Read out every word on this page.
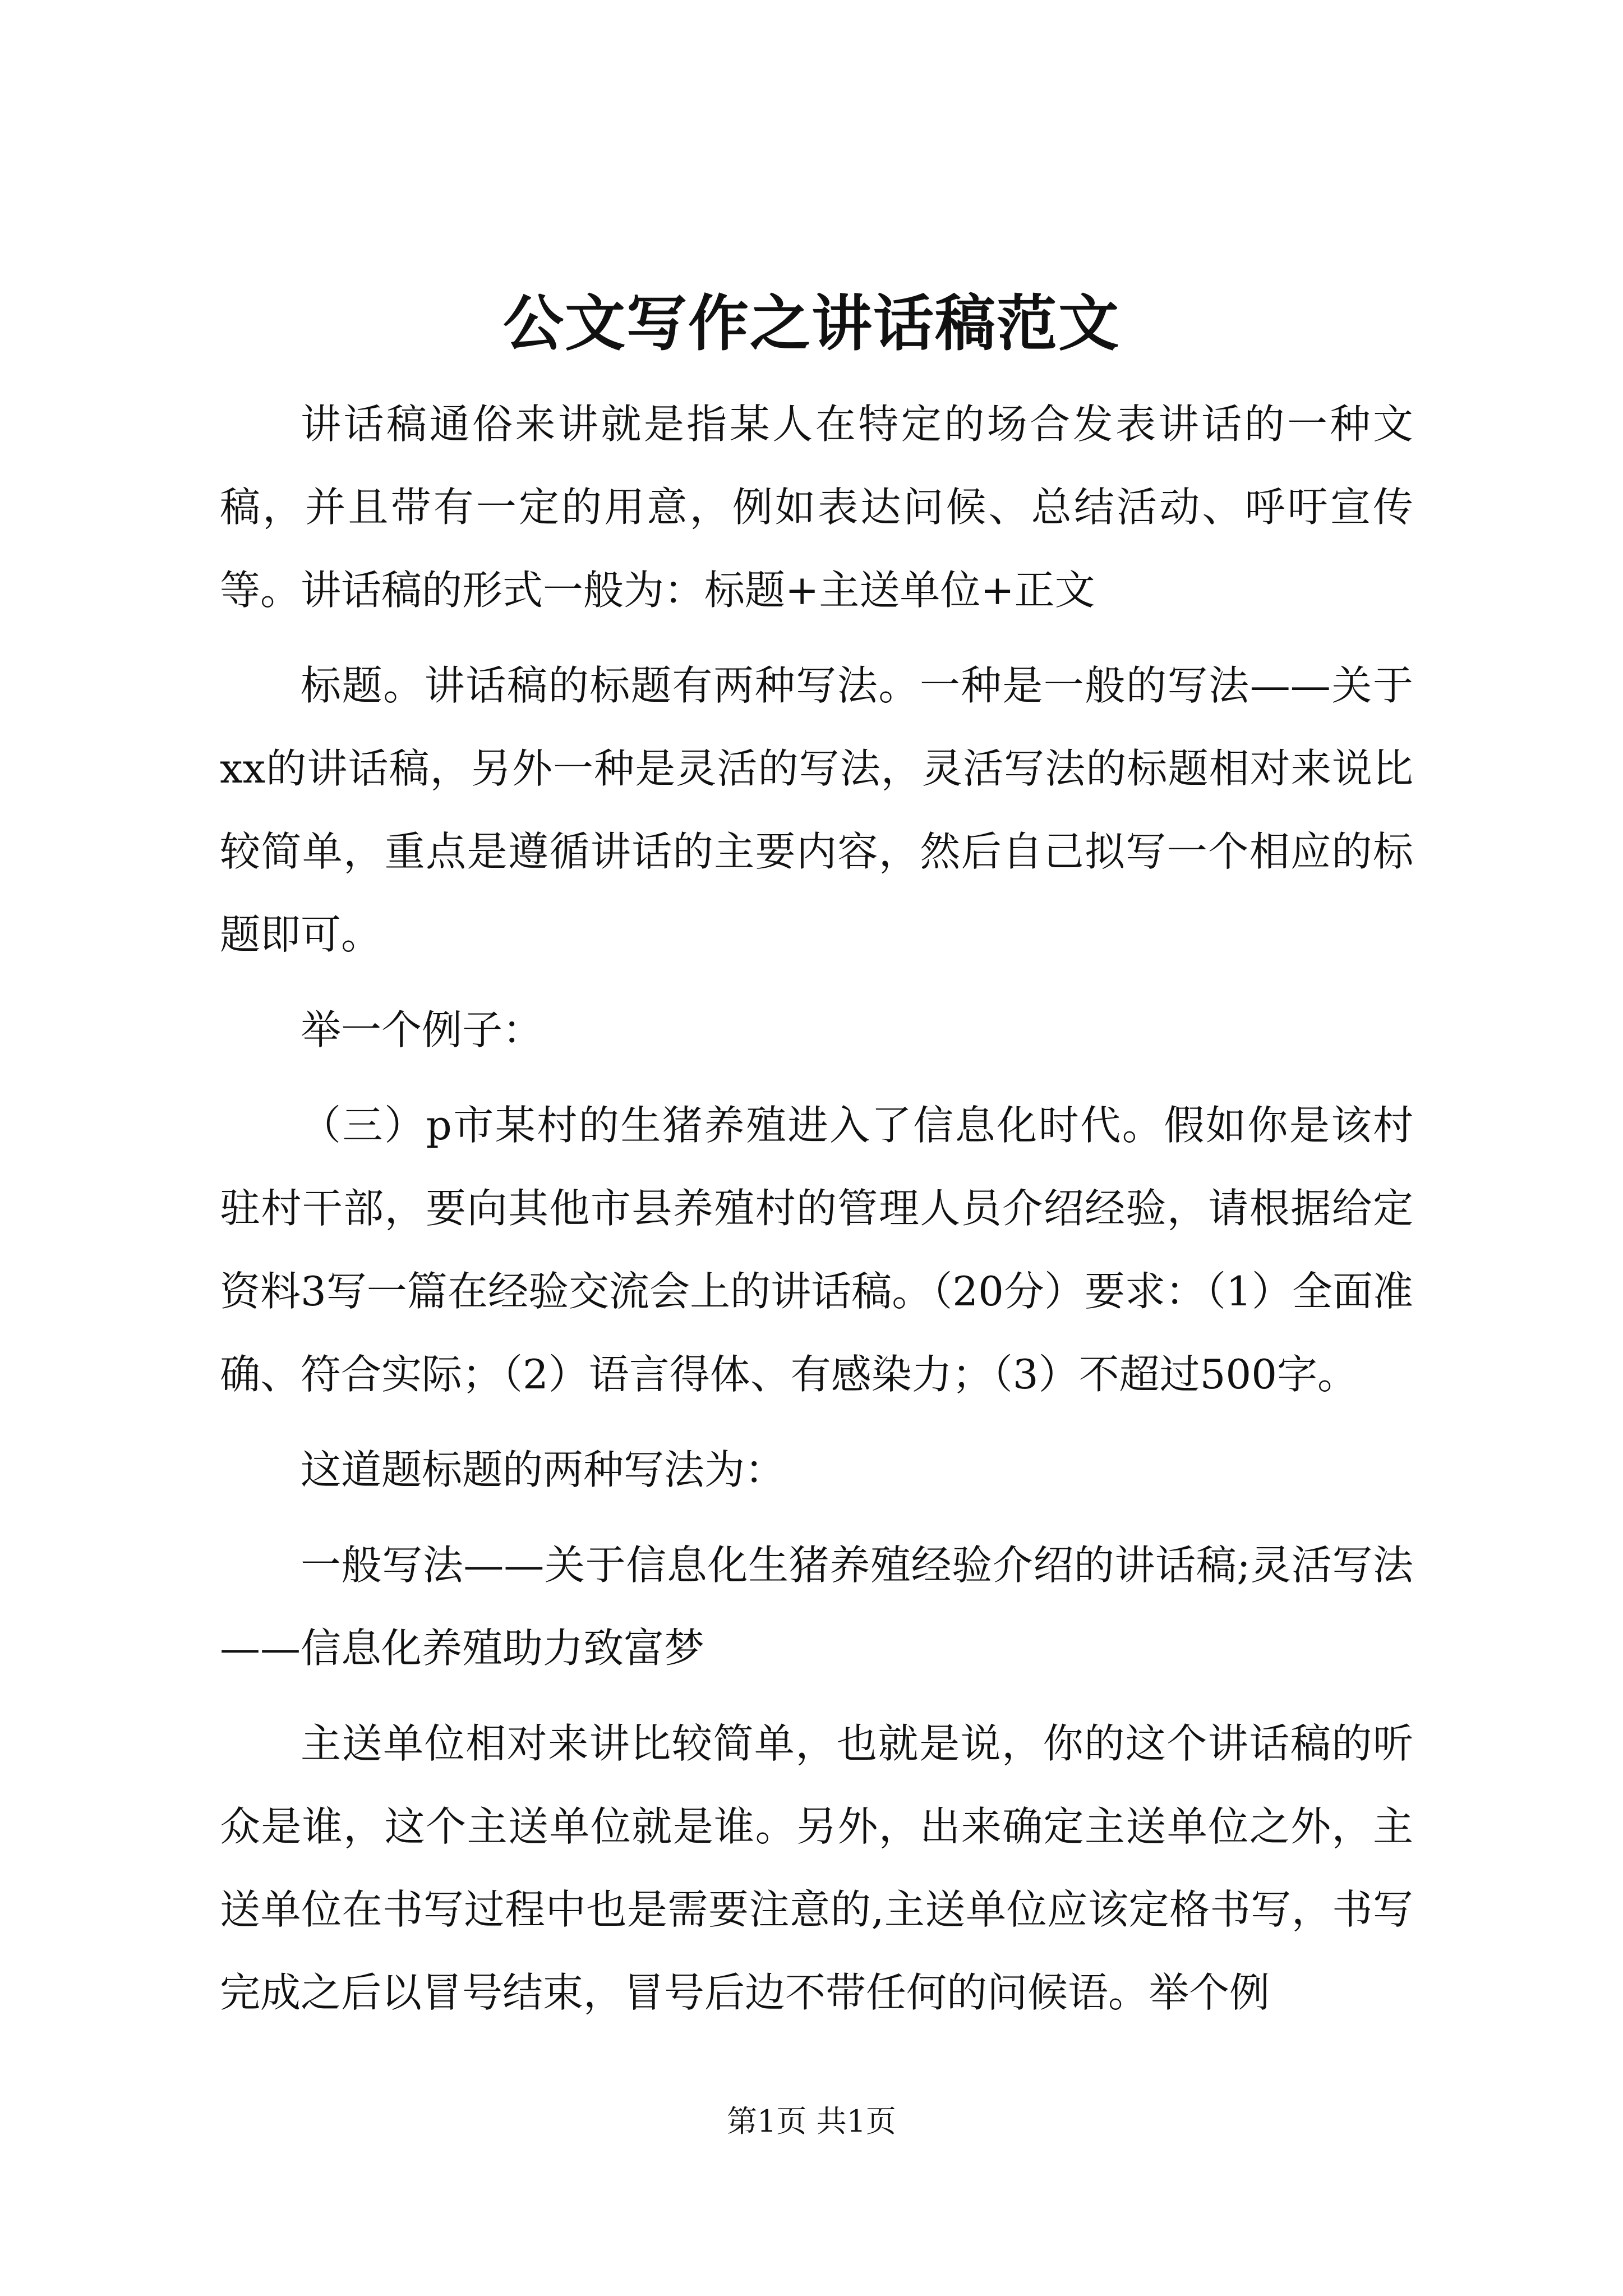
公文写作之讲话稿范文

讲话稿通俗来讲就是指某人在特定的场合发表讲话的一种文稿，并且带有一定的用意，例如表达问候、总结活动、呼吁宣传等。讲话稿的形式一般为：标题+主送单位+正文

标题。讲话稿的标题有两种写法。一种是一般的写法——关于xx的讲话稿，另外一种是灵活的写法，灵活写法的标题相对来说比较简单，重点是遵循讲话的主要内容，然后自己拟写一个相应的标题即可。

举一个例子：

（三）p市某村的生猪养殖进入了信息化时代。假如你是该村驻村干部，要向其他市县养殖村的管理人员介绍经验，请根据给定资料3写一篇在经验交流会上的讲话稿。（20分）要求：（1）全面准确、符合实际；（2）语言得体、有感染力；（3）不超过500字。

这道题标题的两种写法为：

一般写法——关于信息化生猪养殖经验介绍的讲话稿;灵活写法——信息化养殖助力致富梦

主送单位相对来讲比较简单，也就是说，你的这个讲话稿的听众是谁，这个主送单位就是谁。另外，出来确定主送单位之外，主送单位在书写过程中也是需要注意的,主送单位应该定格书写，书写完成之后以冒号结束，冒号后边不带任何的问候语。举个例

第1页 共1页
